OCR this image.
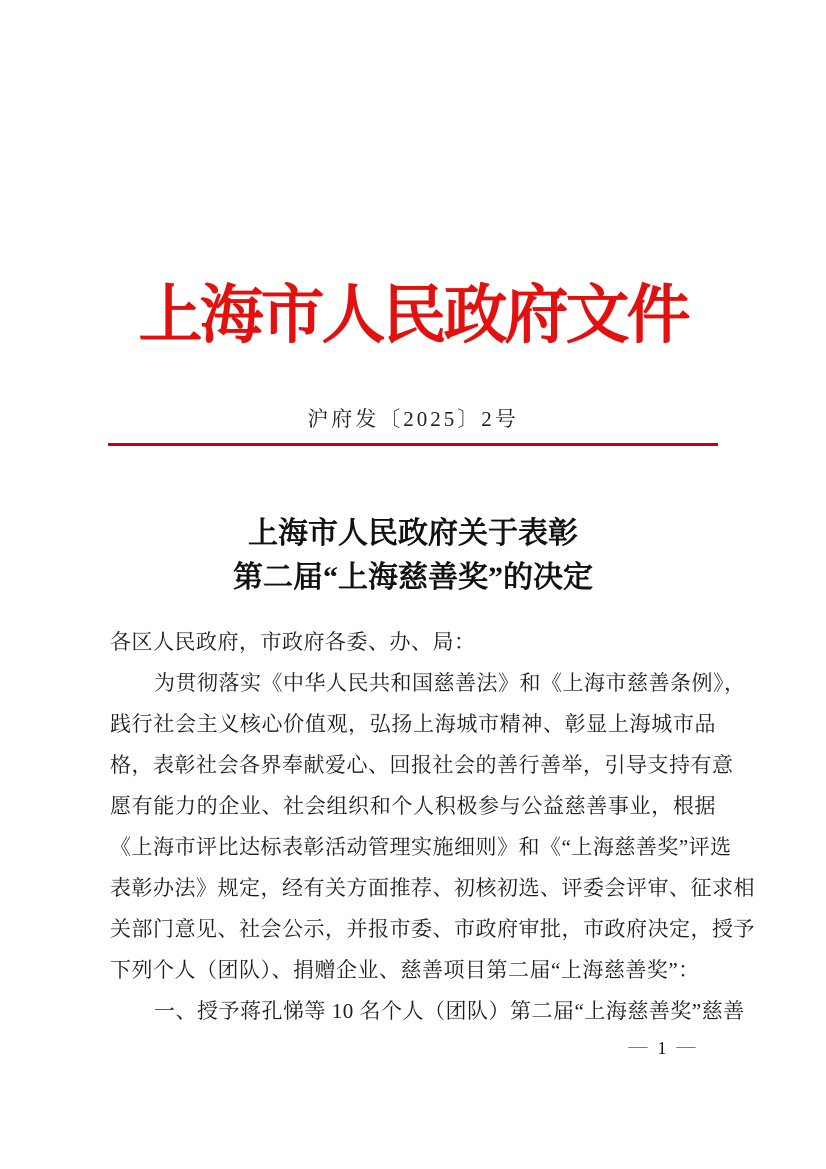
上海市人民政府文件
沪府发〔2025〕2号
上海市人民政府关于表彰
第二届“上海慈善奖”的决定
各区人民政府，市政府各委、办、局：
为贯彻落实《中华人民共和国慈善法》和《上海市慈善条例》，
践行社会主义核心价值观，弘扬上海城市精神、彰显上海城市品
格，表彰社会各界奉献爱心、回报社会的善行善举，引导支持有意
愿有能力的企业、社会组织和个人积极参与公益慈善事业，根据
《上海市评比达标表彰活动管理实施细则》和《“上海慈善奖”评选
表彰办法》规定，经有关方面推荐、初核初选、评委会评审、征求相
关部门意见、社会公示，并报市委、市政府审批，市政府决定，授予
下列个人（团队）、捐赠企业、慈善项目第二届“上海慈善奖”：
一、授予蒋孔悌等 10 名个人（团队）第二届“上海慈善奖”慈善
— 1 —
